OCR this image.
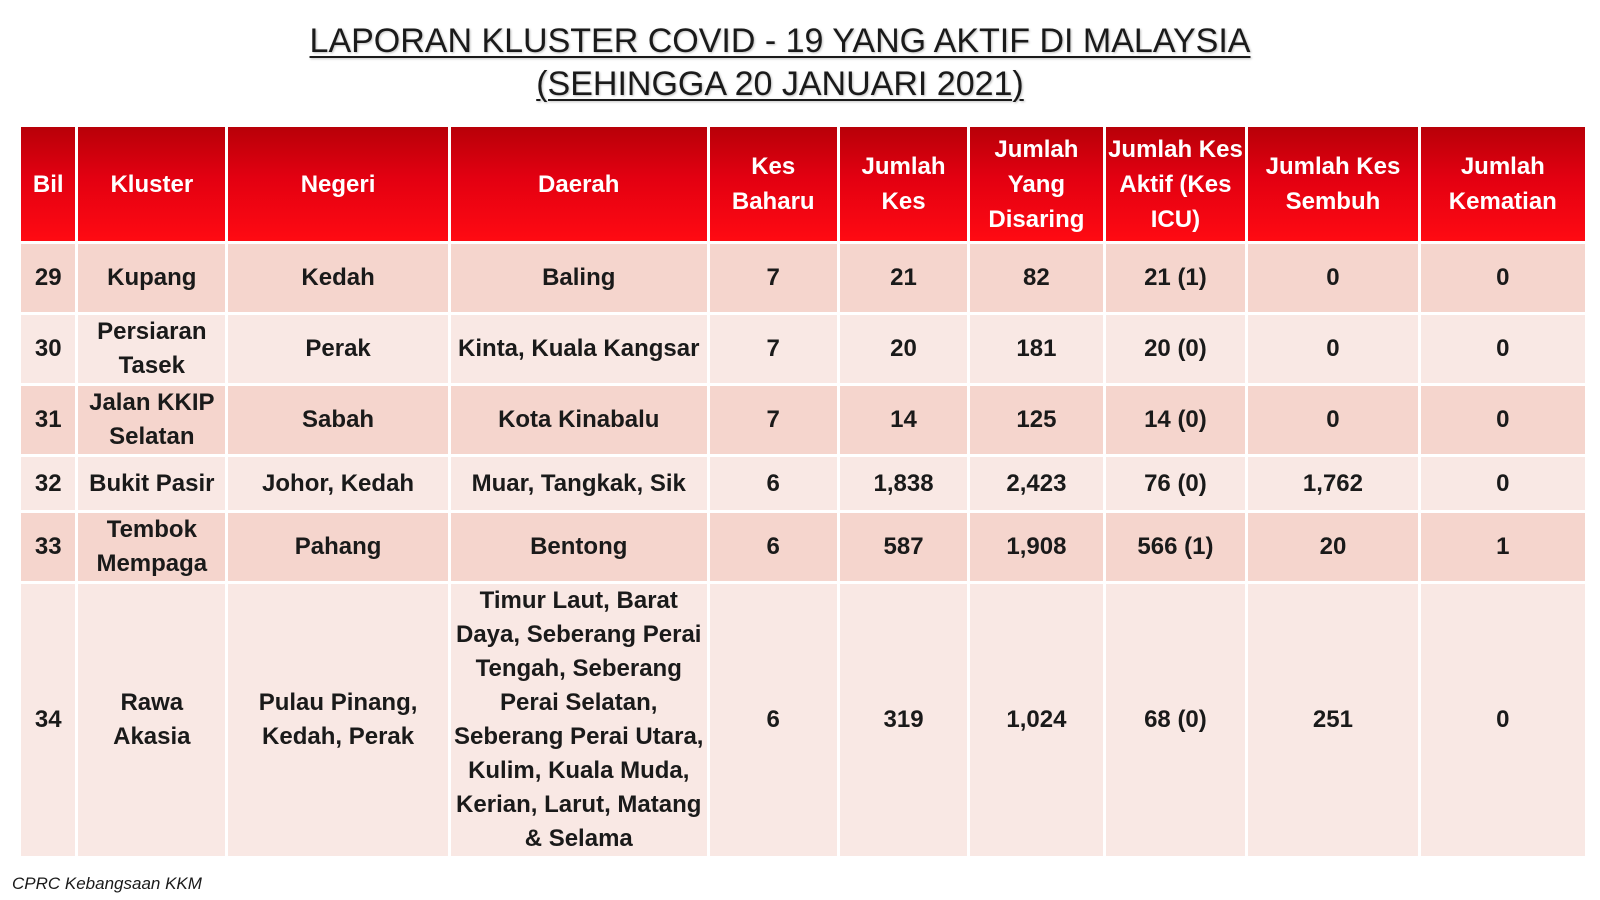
LAPORAN KLUSTER COVID - 19 YANG AKTIF DI MALAYSIA
(SEHINGGA 20 JANUARI 2021)
Bil	Kluster	Negeri	Daerah	Kes Baharu	Jumlah Kes	Jumlah Yang Disaring	Jumlah Kes Aktif (Kes ICU)	Jumlah Kes Sembuh	Jumlah Kematian
29	Kupang	Kedah	Baling	7	21	82	21 (1)	0	0
30	Persiaran Tasek	Perak	Kinta, Kuala Kangsar	7	20	181	20 (0)	0	0
31	Jalan KKIP Selatan	Sabah	Kota Kinabalu	7	14	125	14 (0)	0	0
32	Bukit Pasir	Johor, Kedah	Muar, Tangkak, Sik	6	1,838	2,423	76 (0)	1,762	0
33	Tembok Mempaga	Pahang	Bentong	6	587	1,908	566 (1)	20	1
34	Rawa Akasia	Pulau Pinang, Kedah, Perak	Timur Laut, Barat Daya, Seberang Perai Tengah, Seberang Perai Selatan, Seberang Perai Utara, Kulim, Kuala Muda, Kerian, Larut, Matang & Selama	6	319	1,024	68 (0)	251	0
CPRC Kebangsaan KKM
